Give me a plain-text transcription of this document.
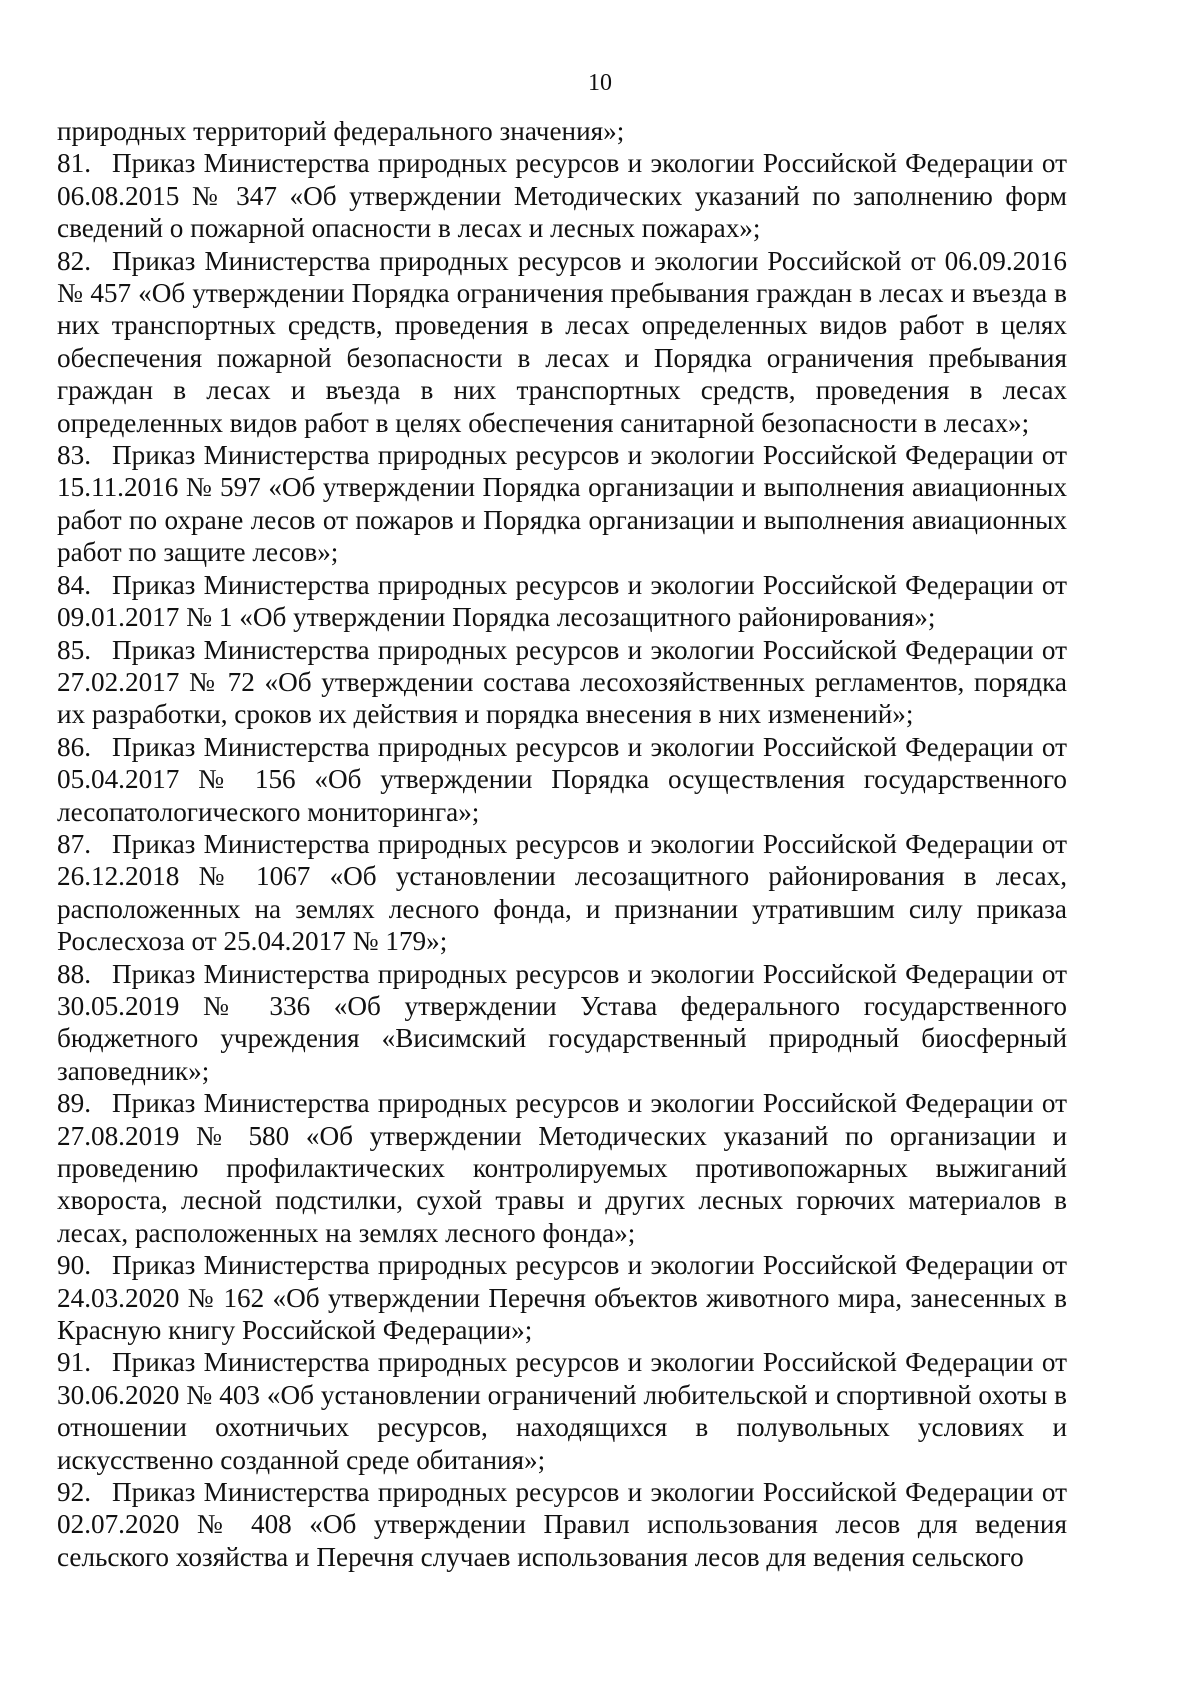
10

природных территорий федерального значения»;

81. Приказ Министерства природных ресурсов и экологии Российской Федерации от 06.08.2015 № 347 «Об утверждении Методических указаний по заполнению форм сведений о пожарной опасности в лесах и лесных пожарах»;

82. Приказ Министерства природных ресурсов и экологии Российской от 06.09.2016 № 457 «Об утверждении Порядка ограничения пребывания граждан в лесах и въезда в них транспортных средств, проведения в лесах определенных видов работ в целях обеспечения пожарной безопасности в лесах и Порядка ограничения пребывания граждан в лесах и въезда в них транспортных средств, проведения в лесах определенных видов работ в целях обеспечения санитарной безопасности в лесах»;

83. Приказ Министерства природных ресурсов и экологии Российской Федерации от 15.11.2016 № 597 «Об утверждении Порядка организации и выполнения авиационных работ по охране лесов от пожаров и Порядка организации и выполнения авиационных работ по защите лесов»;

84. Приказ Министерства природных ресурсов и экологии Российской Федерации от 09.01.2017 № 1 «Об утверждении Порядка лесозащитного районирования»;

85. Приказ Министерства природных ресурсов и экологии Российской Федерации от 27.02.2017 № 72 «Об утверждении состава лесохозяйственных регламентов, порядка их разработки, сроков их действия и порядка внесения в них изменений»;

86. Приказ Министерства природных ресурсов и экологии Российской Федерации от 05.04.2017 № 156 «Об утверждении Порядка осуществления государственного лесопатологического мониторинга»;

87. Приказ Министерства природных ресурсов и экологии Российской Федерации от 26.12.2018 № 1067 «Об установлении лесозащитного районирования в лесах, расположенных на землях лесного фонда, и признании утратившим силу приказа Рослесхоза от 25.04.2017 № 179»;

88. Приказ Министерства природных ресурсов и экологии Российской Федерации от 30.05.2019 № 336 «Об утверждении Устава федерального государственного бюджетного учреждения «Висимский государственный природный биосферный заповедник»;

89. Приказ Министерства природных ресурсов и экологии Российской Федерации от 27.08.2019 № 580 «Об утверждении Методических указаний по организации и проведению профилактических контролируемых противопожарных выжиганий хвороста, лесной подстилки, сухой травы и других лесных горючих материалов в лесах, расположенных на землях лесного фонда»;

90. Приказ Министерства природных ресурсов и экологии Российской Федерации от 24.03.2020 № 162 «Об утверждении Перечня объектов животного мира, занесенных в Красную книгу Российской Федерации»;

91. Приказ Министерства природных ресурсов и экологии Российской Федерации от 30.06.2020 № 403 «Об установлении ограничений любительской и спортивной охоты в отношении охотничьих ресурсов, находящихся в полувольных условиях и искусственно созданной среде обитания»;

92. Приказ Министерства природных ресурсов и экологии Российской Федерации от 02.07.2020 № 408 «Об утверждении Правил использования лесов для ведения сельского хозяйства и Перечня случаев использования лесов для ведения сельского
